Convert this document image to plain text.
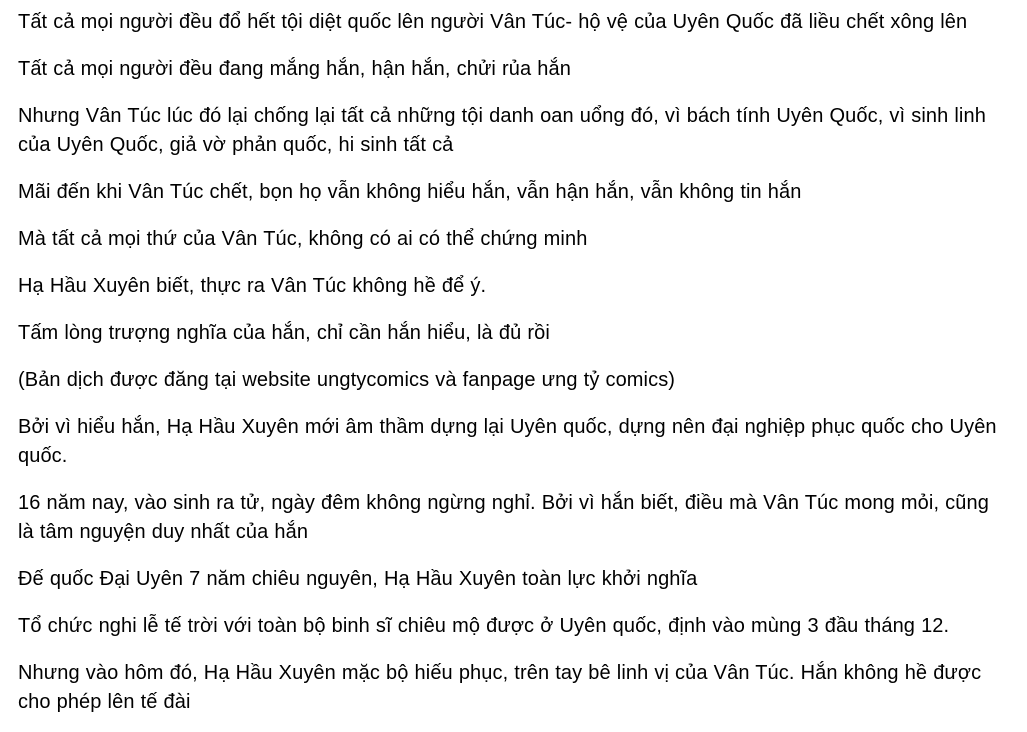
Tất cả mọi người đều đổ hết tội diệt quốc lên người Vân Túc- hộ vệ của Uyên Quốc đã liều chết xông lên

Tất cả mọi người đều đang mắng hắn, hận hắn, chửi rủa hắn

Nhưng Vân Túc lúc đó lại chống lại tất cả những tội danh oan uổng đó, vì bách tính Uyên Quốc, vì sinh linh của Uyên Quốc, giả vờ phản quốc, hi sinh tất cả

Mãi đến khi Vân Túc chết, bọn họ vẫn không hiểu hắn, vẫn hận hắn, vẫn không tin hắn

Mà tất cả mọi thứ của Vân Túc, không có ai có thể chứng minh

Hạ Hầu Xuyên biết, thực ra Vân Túc không hề để ý.

Tấm lòng trượng nghĩa của hắn, chỉ cần hắn hiểu, là đủ rồi

(Bản dịch được đăng tại website ungtycomics và fanpage ưng tỷ comics)

Bởi vì hiểu hắn, Hạ Hầu Xuyên mới âm thầm dựng lại Uyên quốc, dựng nên đại nghiệp phục quốc cho Uyên quốc.

16 năm nay, vào sinh ra tử, ngày đêm không ngừng nghỉ. Bởi vì hắn biết, điều mà Vân Túc mong mỏi, cũng là tâm nguyện duy nhất của hắn

Đế quốc Đại Uyên 7 năm chiêu nguyên, Hạ Hầu Xuyên toàn lực khởi nghĩa

Tổ chức nghi lễ tế trời với toàn bộ binh sĩ chiêu mộ được ở Uyên quốc, định vào mùng 3 đầu tháng 12.

Nhưng vào hôm đó, Hạ Hầu Xuyên mặc bộ hiếu phục, trên tay bê linh vị của Vân Túc. Hắn không hề được cho phép lên tế đài
